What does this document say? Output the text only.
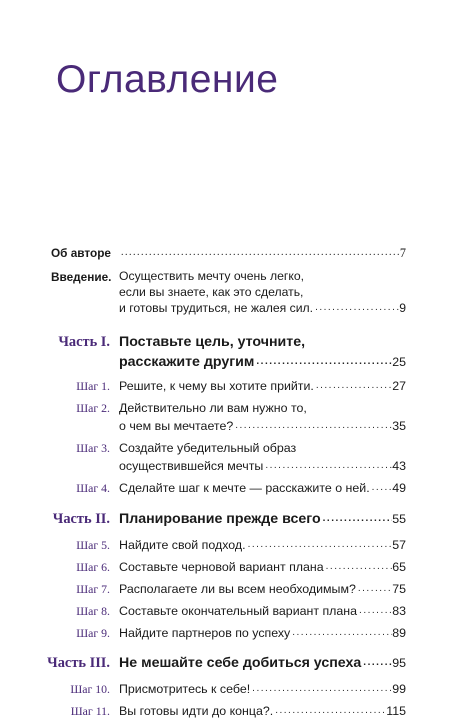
Оглавление
Об авторе .....	7
Введение. Осуществить мечту очень легко,
если вы знаете, как это сделать,
и готовы трудиться, не жалея сил. .....	9
Часть I. Поставьте цель, уточните,
расскажите другим .....	25
Шаг 1. Решите, к чему вы хотите прийти. .....	27
Шаг 2. Действительно ли вам нужно то,
о чем вы мечтаете? .....	35
Шаг 3. Создайте убедительный образ
осуществившейся мечты .....	43
Шаг 4. Сделайте шаг к мечте — расскажите о ней. ..... 49
Часть II. Планирование прежде всего .....	55
Шаг 5. Найдите свой подход. .....	57
Шаг 6. Составьте черновой вариант плана .....	65
Шаг 7. Располагаете ли вы всем необходимым? .....	75
Шаг 8. Составьте окончательный вариант плана .....	83
Шаг 9. Найдите партнеров по успеху .....	89
Часть III. Не мешайте себе добиться успеха ..... 95
Шаг 10. Присмотритесь к себе! .....	99
Шаг 11. Вы готовы идти до конца?. .....	115
